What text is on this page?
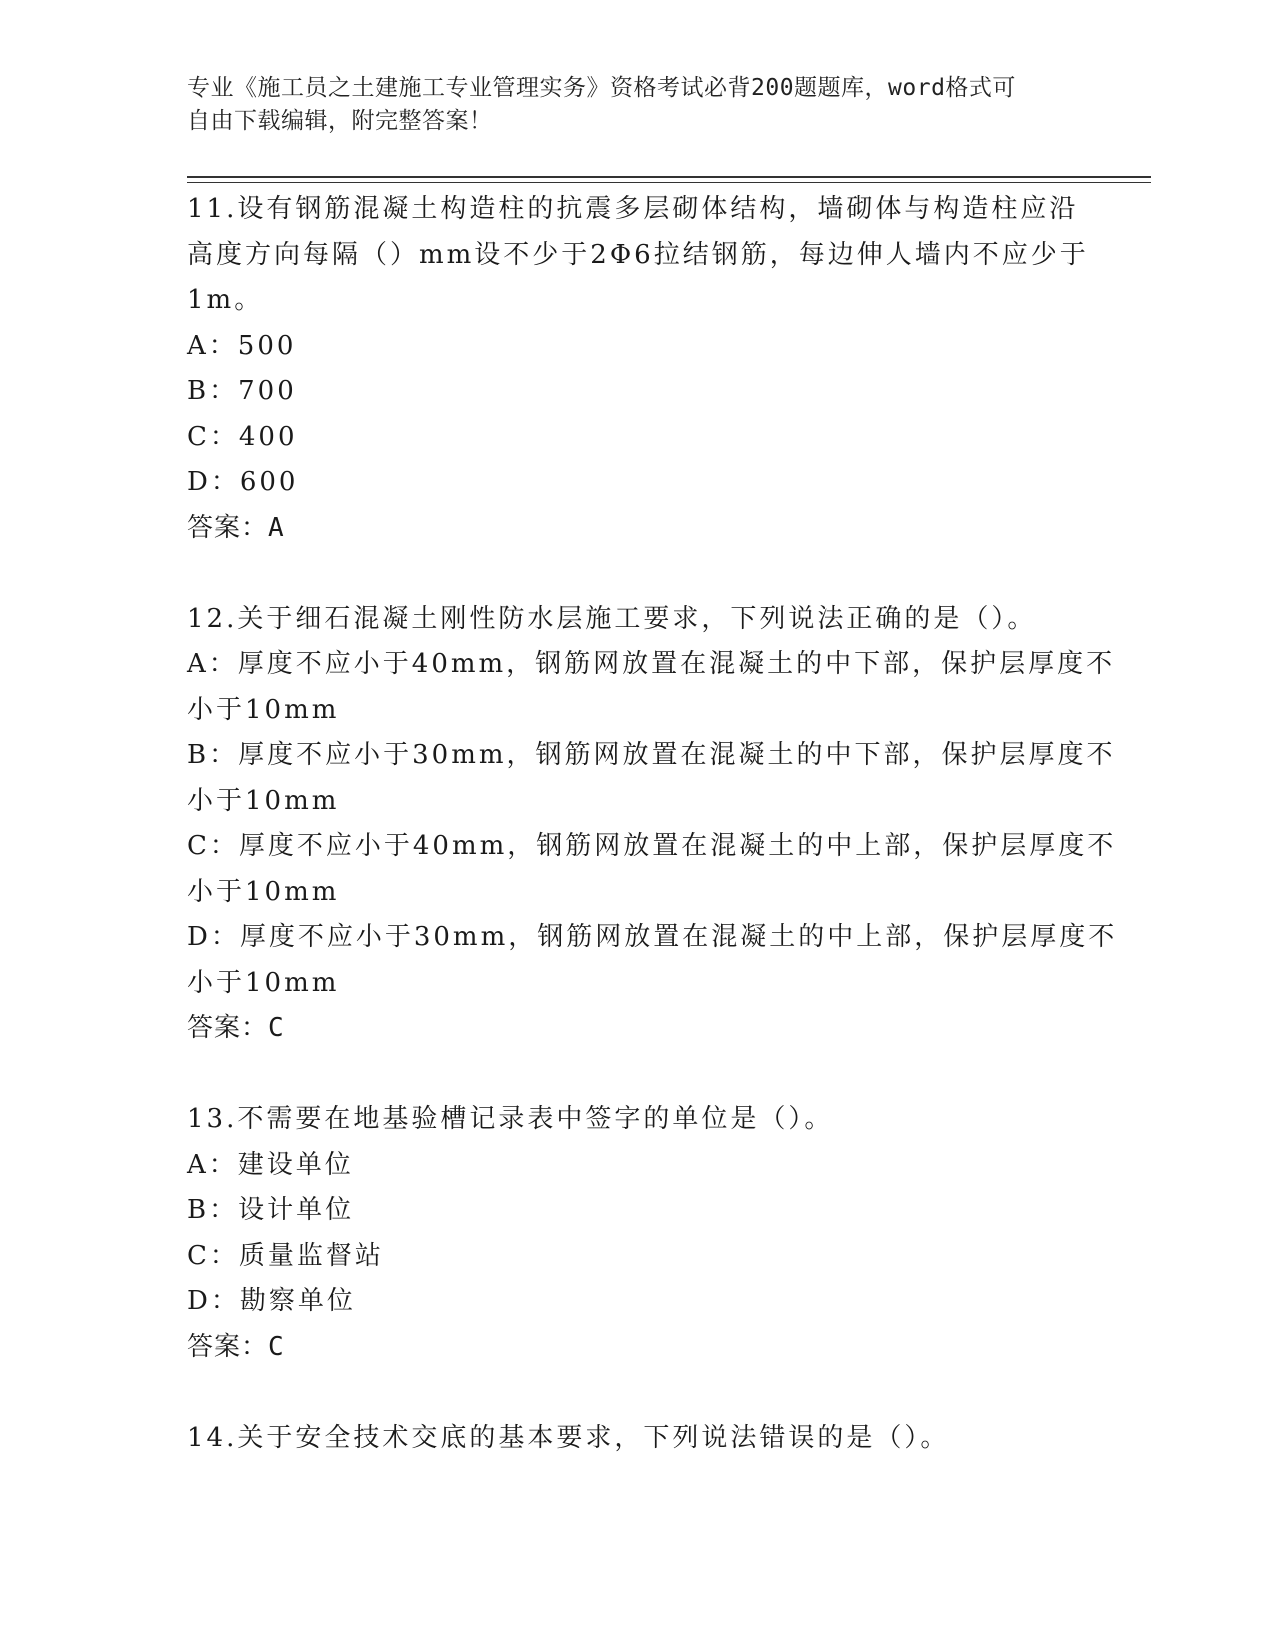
专业《施工员之土建施工专业管理实务》资格考试必背200题题库，word格式可
自由下载编辑，附完整答案！
11.设有钢筋混凝土构造柱的抗震多层砌体结构，墙砌体与构造柱应沿
高度方向每隔（）mm设不少于2Φ6拉结钢筋，每边伸人墙内不应少于
1m。
A：500
B：700
C：400
D：600
答案：A
12.关于细石混凝土刚性防水层施工要求，下列说法正确的是（）。
A：厚度不应小于40mm，钢筋网放置在混凝土的中下部，保护层厚度不
小于10mm
B：厚度不应小于30mm，钢筋网放置在混凝土的中下部，保护层厚度不
小于10mm
C：厚度不应小于40mm，钢筋网放置在混凝土的中上部，保护层厚度不
小于10mm
D：厚度不应小于30mm，钢筋网放置在混凝土的中上部，保护层厚度不
小于10mm
答案：C
13.不需要在地基验槽记录表中签字的单位是（）。
A：建设单位
B：设计单位
C：质量监督站
D：勘察单位
答案：C
14.关于安全技术交底的基本要求，下列说法错误的是（）。
